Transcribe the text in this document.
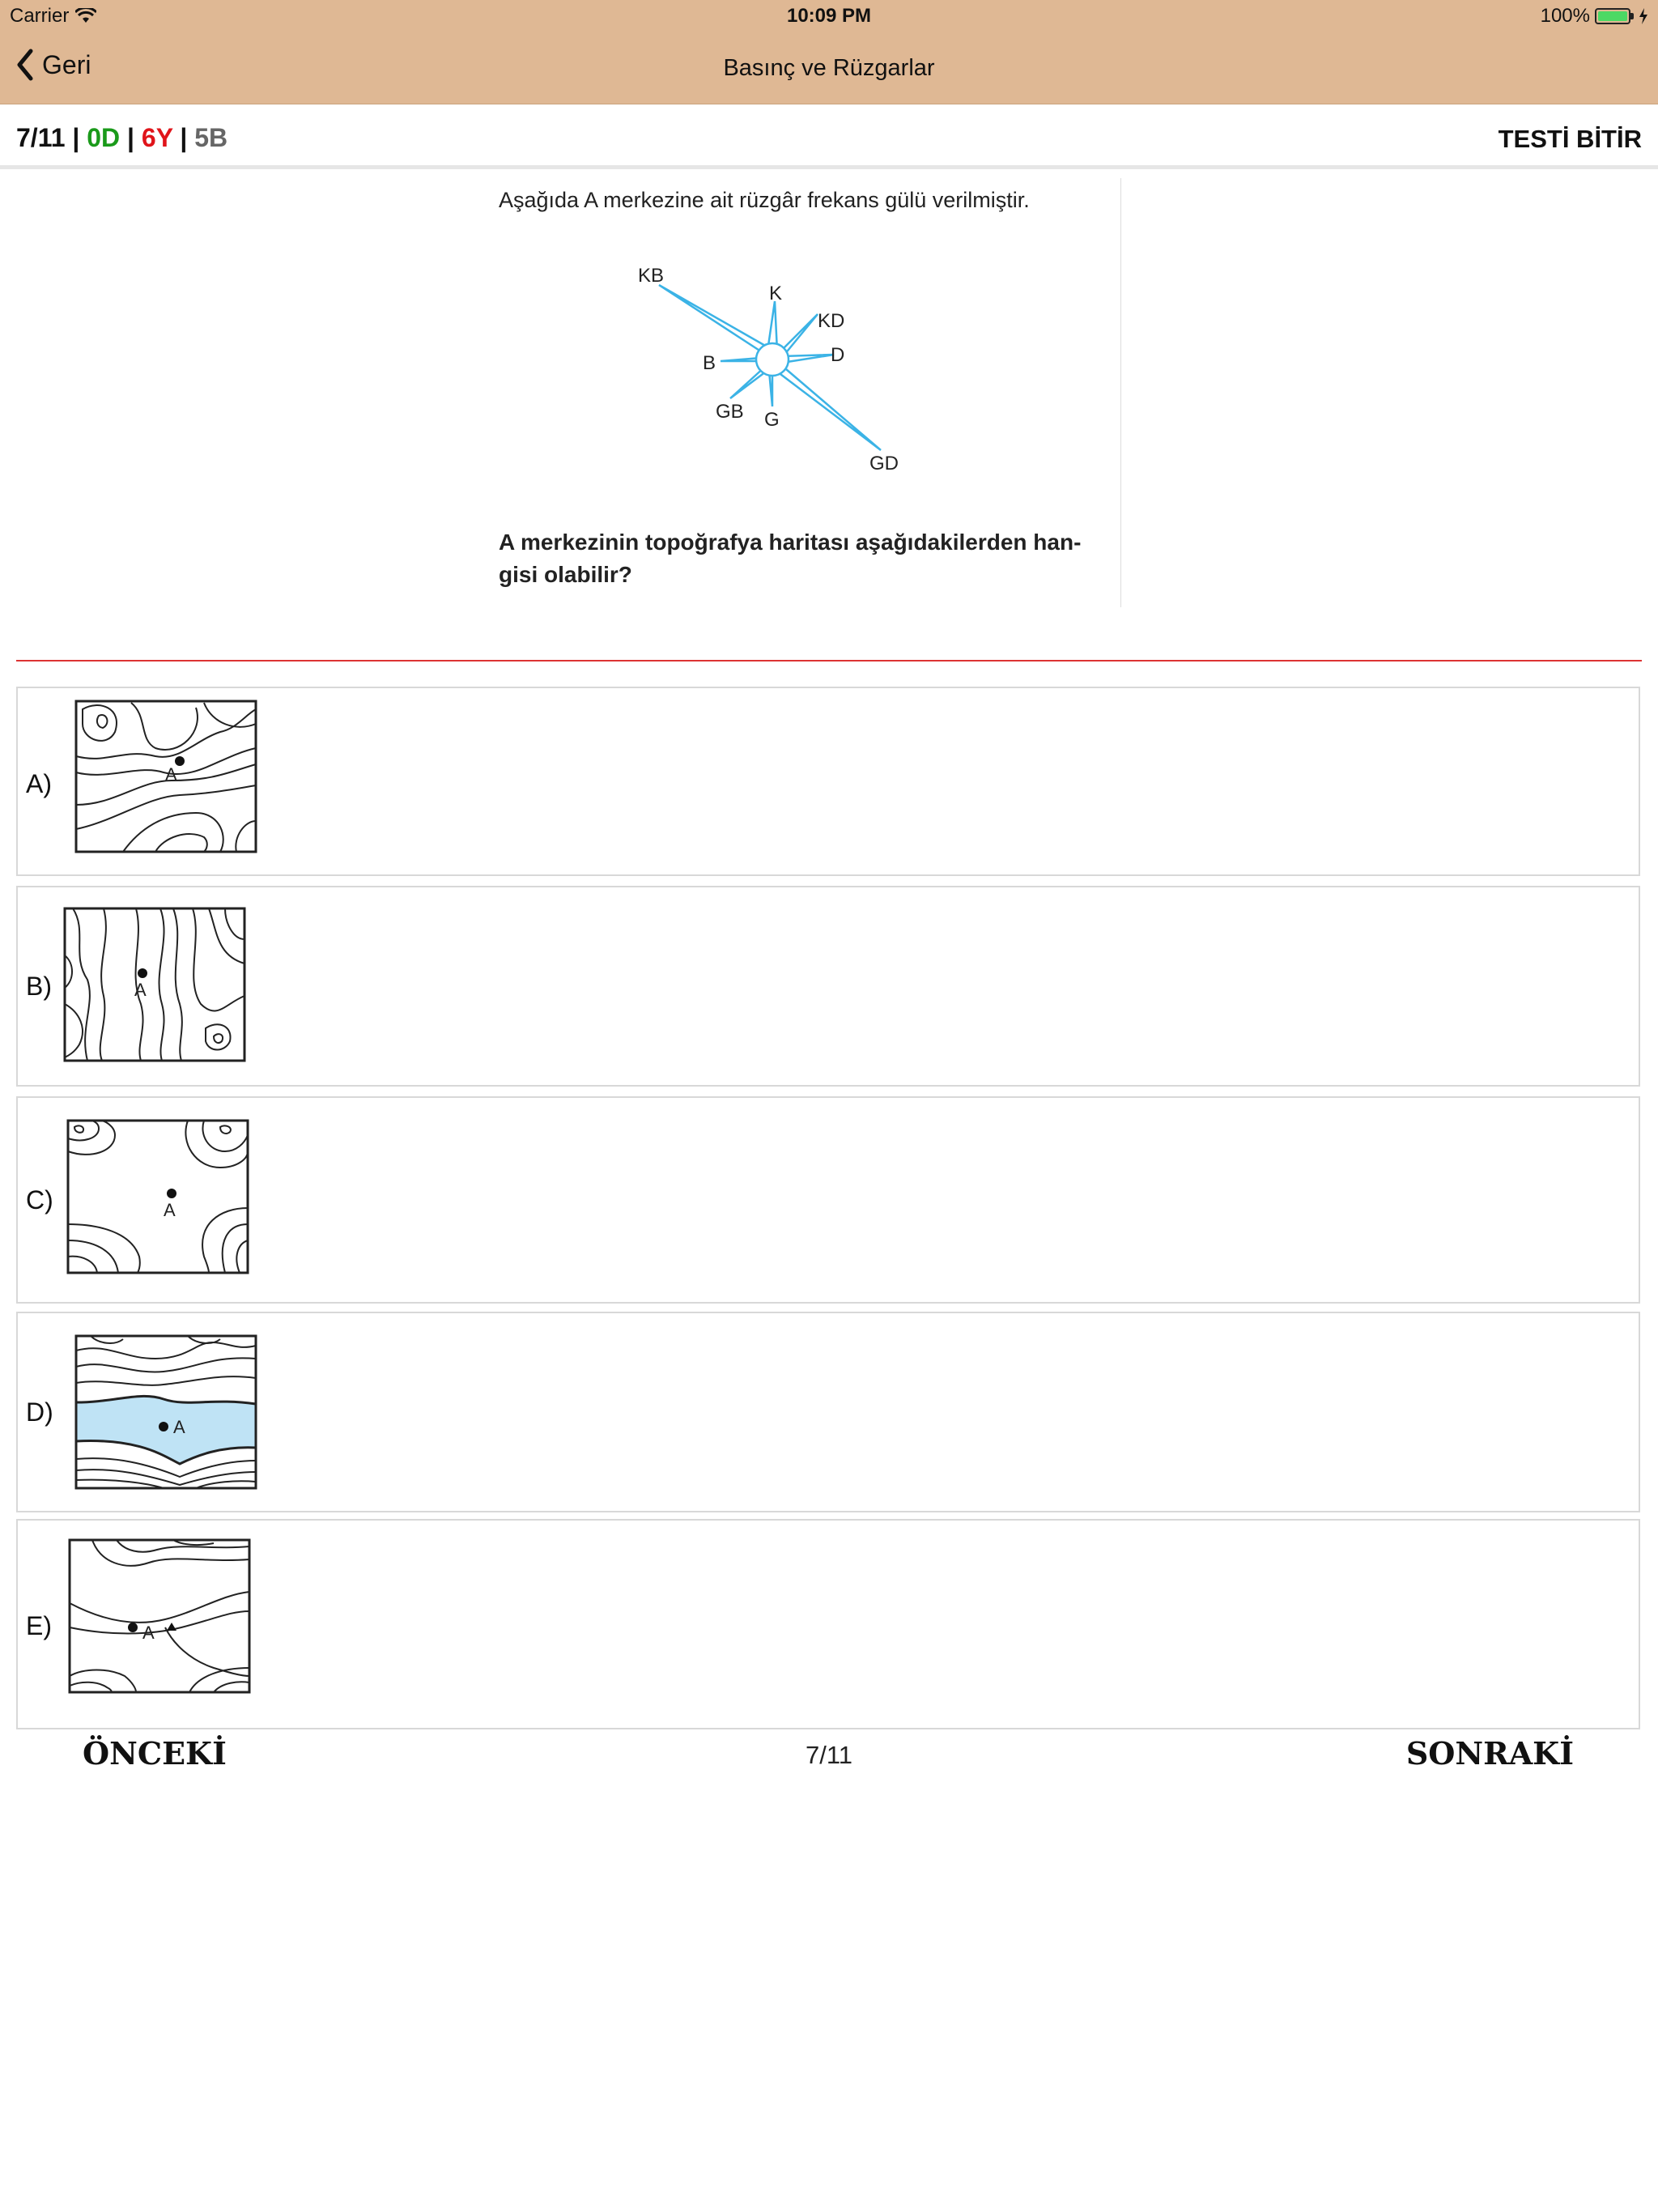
Carrier	10:09 PM	100%
Geri	Basınç ve Rüzgarlar
7/11 | 0D | 6Y | 5B	TESTİ BİTİR
Aşağıda A merkezine ait rüzgâr frekans gülü verilmiştir.
KB
K
KD
D
B
GB G
GD
A merkezinin topoğrafya haritası aşağıdakilerden han-
gisi olabilir?
A)	A
B)	A
C)	A
D)
A
E)	A
ÖNCEKİ	7/11	SONRAKİ
